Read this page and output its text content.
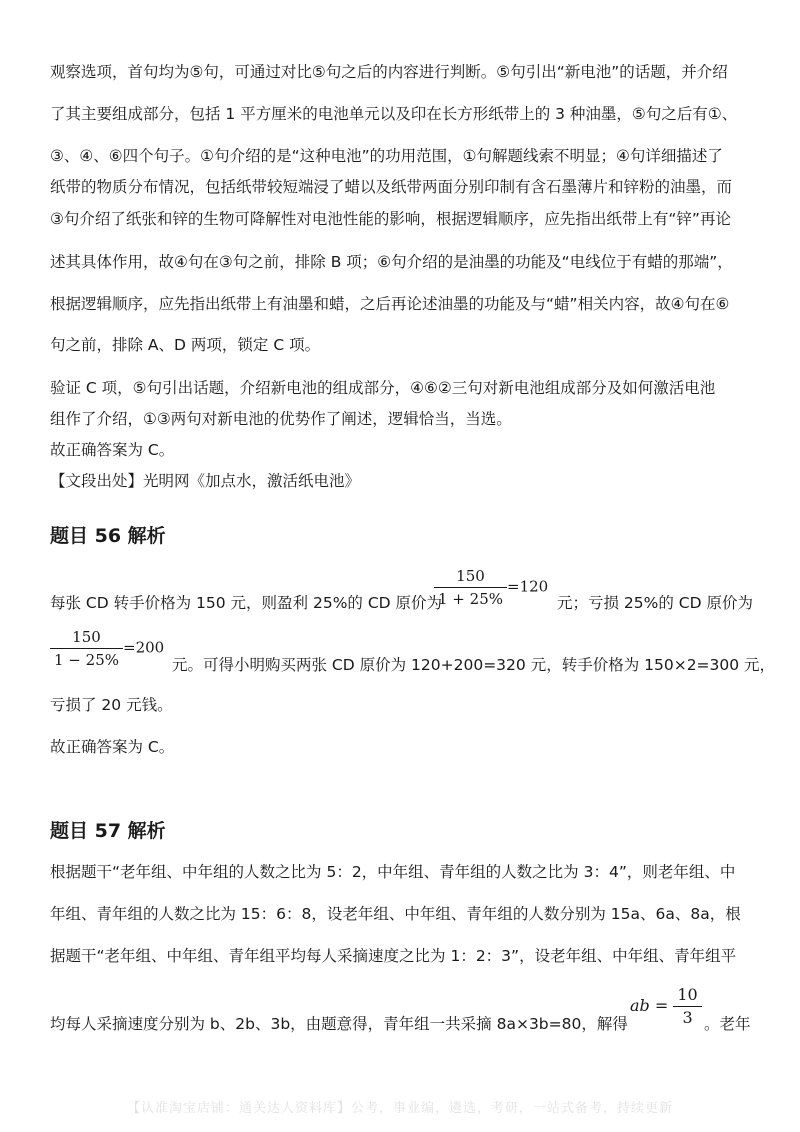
观察选项，首句均为⑤句，可通过对比⑤句之后的内容进行判断。⑤句引出“新电池”的话题，并介绍
了其主要组成部分，包括 1 平方厘米的电池单元以及印在长方形纸带上的 3 种油墨，⑤句之后有①、
③、④、⑥四个句子。①句介绍的是“这种电池”的功用范围，①句解题线索不明显；④句详细描述了
纸带的物质分布情况，包括纸带较短端浸了蜡以及纸带两面分别印制有含石墨薄片和锌粉的油墨，而
③句介绍了纸张和锌的生物可降解性对电池性能的影响，根据逻辑顺序，应先指出纸带上有“锌”再论
述其具体作用，故④句在③句之前，排除 B 项；⑥句介绍的是油墨的功能及“电线位于有蜡的那端”，
根据逻辑顺序，应先指出纸带上有油墨和蜡，之后再论述油墨的功能及与“蜡”相关内容，故④句在⑥
句之前，排除 A、D 两项，锁定 C 项。
验证 C 项，⑤句引出话题，介绍新电池的组成部分，④⑥②三句对新电池组成部分及如何激活电池
组作了介绍，①③两句对新电池的优势作了阐述，逻辑恰当，当选。
故正确答案为 C。
【文段出处】光明网《加点水，激活纸电池》
题目 56 解析
每张 CD 转手价格为 150 元，则盈利 25%的 CD 原价为
$\frac{150}{1 + 25\%} =120$
元；亏损 25%的 CD 原价为
$\frac{150}{1 - 25\%} =200$
元。可得小明购买两张 CD 原价为 120+200=320 元，转手价格为 150×2=300 元，
亏损了 20 元钱。
故正确答案为 C。
题目 57 解析
根据题干“老年组、中年组的人数之比为 5：2，中年组、青年组的人数之比为 3：4”，则老年组、中
年组、青年组的人数之比为 15：6：8，设老年组、中年组、青年组的人数分别为 15a、6a、8a，根
据题干“老年组、中年组、青年组平均每人采摘速度之比为 1：2：3”，设老年组、中年组、青年组平
均每人采摘速度分别为 b、2b、3b，由题意得，青年组一共采摘 8a×3b=80，解得
ab = $\frac{10}{3}$ 。老年
【认准淘宝店铺：通关达人资料库】公考，事业编，遴选，考研，一站式备考，持续更新
